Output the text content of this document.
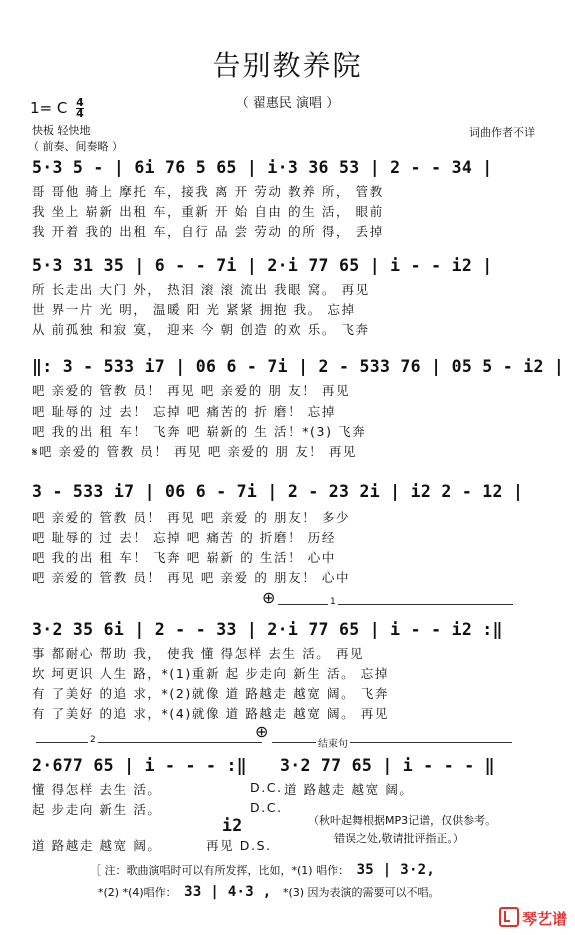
告别教养院
（ 翟惠民 演唱 ）
1= C $\frac{4}{4}$
快板 轻快地
（ 前奏、间奏略 ）
词曲作者不详
5·3 5 - | 6i 76 5 65 | i·3 36 53 | 2 - - 34 |
哥 哥他 骑上 摩托 车，接我 离 开 劳动 教养 所， 管教
我 坐上 崭新 出租 车，重新 开 始 自由 的生 活， 眼前
我 开着 我的 出租 车，自行 品 尝 劳动 的所 得， 丢掉
5·3 31 35 | 6 - - 7i | 2·i 77 65 | i - - i2 |
所 长走出 大门 外， 热泪 滚 滚 流出 我眼 窝。 再见
世 界一片 光 明， 温暖 阳 光 紧紧 拥抱 我。 忘掉
从 前孤独 和寂 寞， 迎来 今 朝 创造 的欢 乐。 飞奔
‖: 3 - 533 i7 | 06 6 - 7i | 2 - 533 76 | 05 5 - i2 |
吧 亲爱的 管教 员！ 再见 吧 亲爱的 朋 友！ 再见
吧 耻辱的 过 去！ 忘掉 吧 痛苦的 折 磨！ 忘掉
吧 我的出 租 车！ 飞奔 吧 崭新的 生 活！*(3) 飞奔
𝄋吧 亲爱的 管教 员！ 再见 吧 亲爱的 朋 友！ 再见
3 - 533 i7 | 06 6 - 7i | 2 - 23 2i | i2 2 - 12 |
吧 亲爱的 管教 员！ 再见 吧 亲爱 的 朋友！ 多少
吧 耻辱的 过 去！ 忘掉 吧 痛苦 的 折磨！ 历经
吧 我的出 租 车！ 飞奔 吧 崭新 的 生活！ 心中
吧 亲爱的 管教 员！ 再见 吧 亲爱 的 朋友！ 心中
⊕	1
3·2 35 6i | 2 - - 33 | 2·i 77 65 | i - - i2 :‖
事 都耐心 帮助 我， 使我 懂 得怎样 去生 活。 再见
坎 坷更识 人生 路，*(1)重新 起 步走向 新生 活。 忘掉
有 了美好 的追 求，*(2)就像 道 路越走 越宽 阔。 飞奔
有 了美好 的追 求，*(4)就像 道 路越走 越宽 阔。 再见
⊕
2	结束句
2·677 65 | i - - - :‖ 3·2 77 65 | i - - - ‖
懂 得怎样 去生 活。	D.C. 道 路越走 越宽 阔。
起 步走向 新生 活。	D.C.
i2
道 路越走 越宽 阔。	再见 D.S.
（秋叶起舞根据MP3记谱，仅供参考。
错误之处,敬请批评指正。）
［ 注：歌曲演唱时可以有所发挥，比如，*(1) 唱作： 35 | 3·2,
*(2) *(4)唱作： 33 | 4·3 , *(3) 因为表演的需要可以不唱。
琴艺谱
